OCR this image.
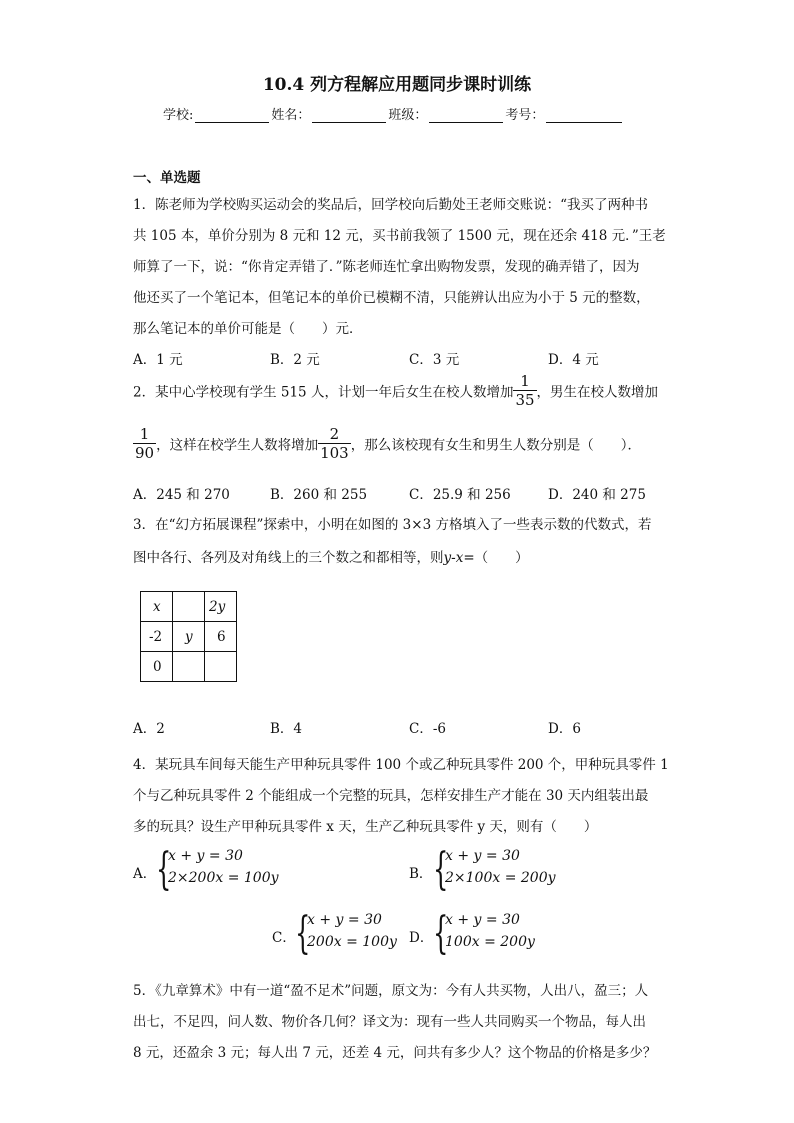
10.4 列方程解应用题同步课时训练
学校:	姓名：	班级：	考号：
一、单选题
1．陈老师为学校购买运动会的奖品后，回学校向后勤处王老师交账说：“我买了两种书
共 105 本，单价分别为 8 元和 12 元，买书前我领了 1500 元，现在还余 418 元．”王老
师算了一下，说：“你肯定弄错了．”陈老师连忙拿出购物发票，发现的确弄错了，因为
他还买了一个笔记本，但笔记本的单价已模糊不清，只能辨认出应为小于 5 元的整数，
那么笔记本的单价可能是（　　）元．
A．1 元	B．2 元	C．3 元	D．4 元
2．某中心学校现有学生 515 人，计划一年后女生在校人数增加 $\frac{1}{35}$ ，男生在校人数增加
$\frac{1}{90}$ ，这样在校学生人数将增加 $\frac{2}{103}$ ，那么该校现有女生和男生人数分别是（　　）．
A．245 和 270	B．260 和 255	C．25.9 和 256	D．240 和 275
3．在“幻方拓展课程”探索中，小明在如图的 3×3 方格填入了一些表示数的代数式，若
图中各行、各列及对角线上的三个数之和都相等，则y-x=（　　）
x		2y
-2	y	6
0		
A．2	B．4	C．-6	D．6
4．某玩具车间每天能生产甲种玩具零件 100 个或乙种玩具零件 200 个，甲种玩具零件 1
个与乙种玩具零件 2 个能组成一个完整的玩具，怎样安排生产才能在 30 天内组装出最
多的玩具？设生产甲种玩具零件 x 天，生产乙种玩具零件 y 天，则有（　　）
A． {
x + y = 30
2×200x = 100y	B． {
x + y = 30
2×100x = 200y
C． {
x + y = 30
200x = 100y D． {
x + y = 30
100x = 200y
5．《九章算术》中有一道“盈不足术”问题，原文为：今有人共买物，人出八，盈三；人
出七，不足四，问人数、物价各几何？译文为：现有一些人共同购买一个物品，每人出
8 元，还盈余 3 元；每人出 7 元，还差 4 元，问共有多少人？这个物品的价格是多少？
